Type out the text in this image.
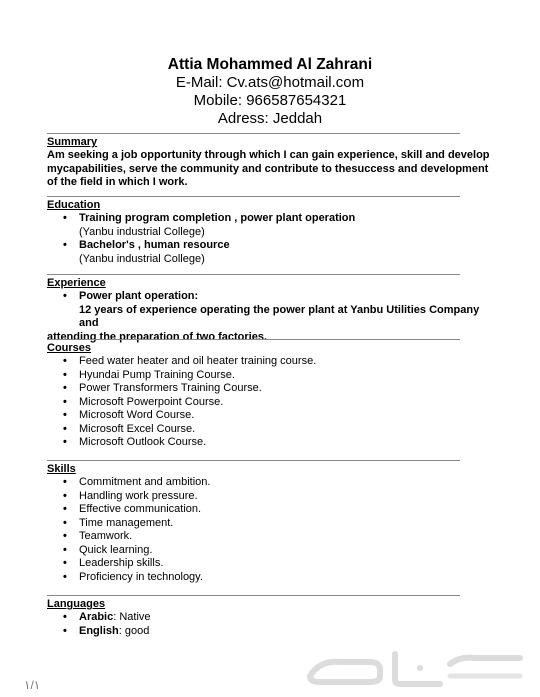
Attia Mohammed Al Zahrani
E-Mail: Cv.ats@hotmail.com
Mobile: 966587654321
Adress: Jeddah
Summary
Am seeking a job opportunity through which I can gain experience, skill and develop mycapabilities, serve the community and contribute to thesuccess and development of the field in which I work.
Education
• Training program completion , power plant operation
(Yanbu industrial College)
• Bachelor's , human resource
(Yanbu industrial College)
Experience
• Power plant operation:
12 years of experience operating the power plant at Yanbu Utilities Company and
attending the preparation of two factories.
Courses
• Feed water heater and oil heater training course.
• Hyundai Pump Training Course.
• Power Transformers Training Course.
• Microsoft Powerpoint Course.
• Microsoft Word Course.
• Microsoft Excel Course.
• Microsoft Outlook Course.
Skills
• Commitment and ambition.
• Handling work pressure.
• Effective communication.
• Time management.
• Teamwork.
• Quick learning.
• Leadership skills.
• Proficiency in technology.
Languages
• Arabic: Native
• English: good
١/١
